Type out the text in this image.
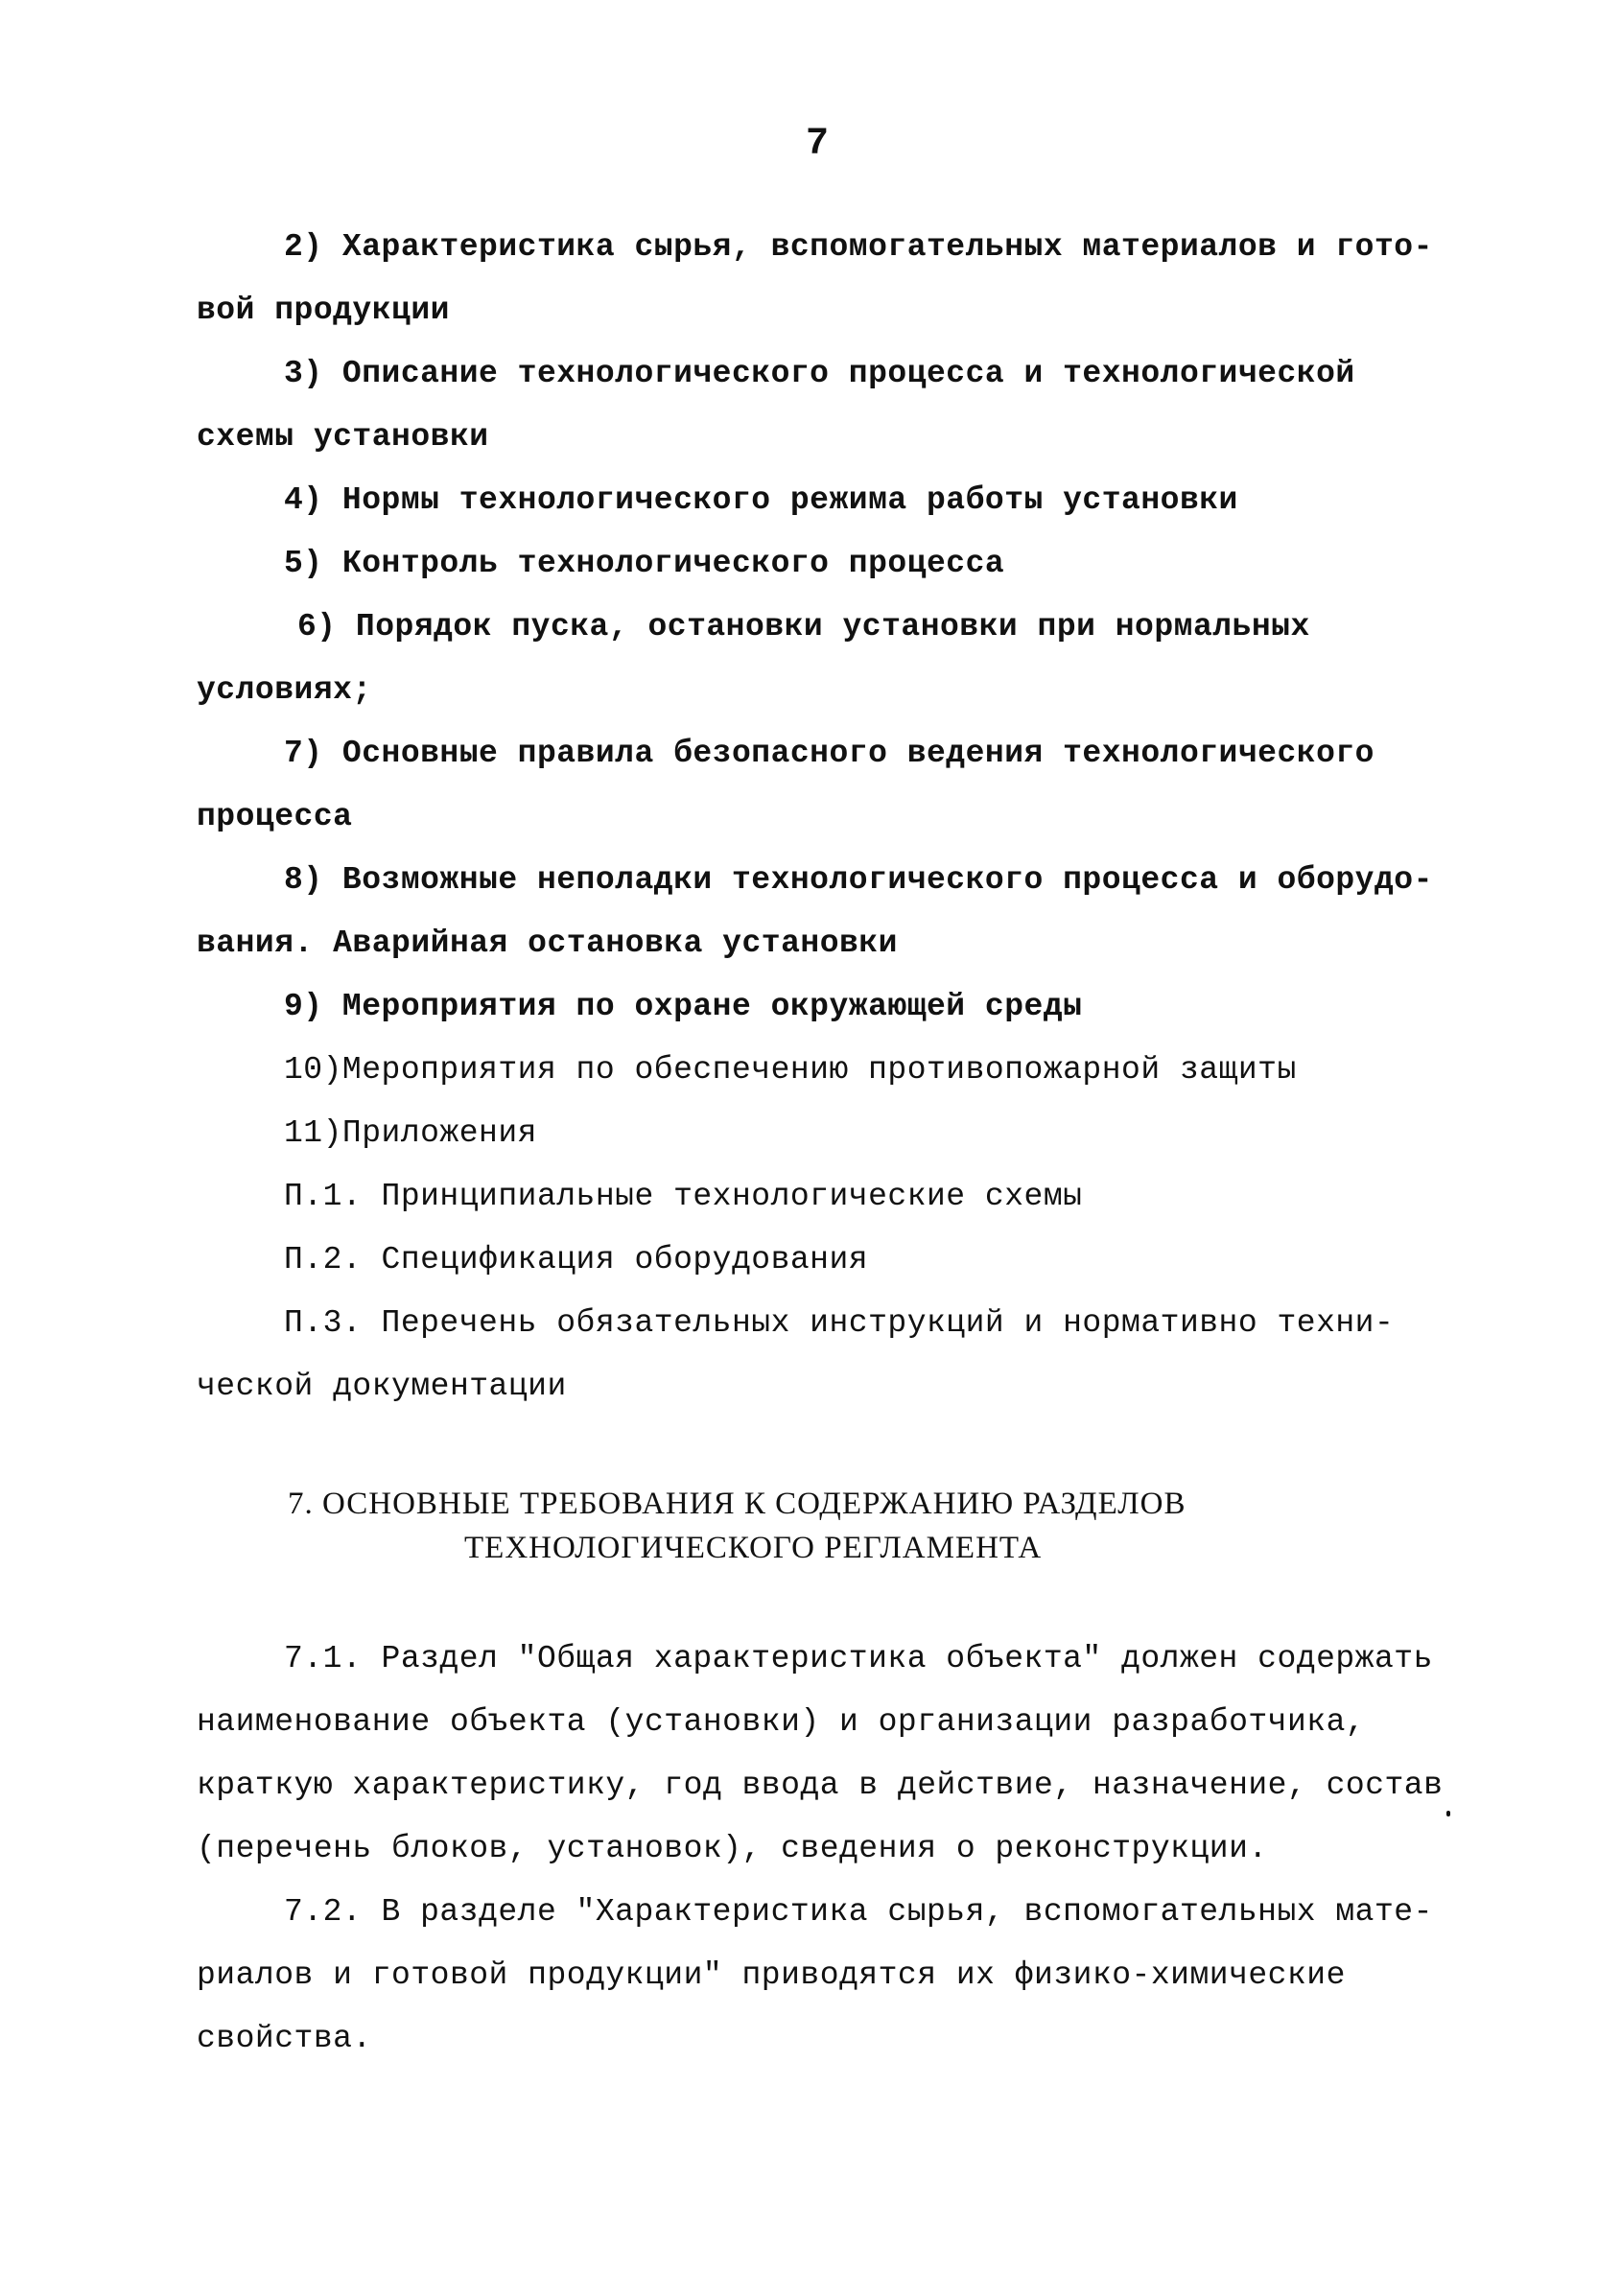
7
2) Характеристика сырья, вспомогательных материалов и гото-
вой продукции
3) Описание технологического процесса и технологической
схемы установки
4) Нормы технологического режима работы установки
5) Контроль технологического процесса
6) Порядок пуска, остановки установки при нормальных
условиях;
7) Основные правила безопасного ведения технологического
процесса
8) Возможные неполадки технологического процесса и оборудо-
вания. Аварийная остановка установки
9) Мероприятия по охране окружающей среды
10)Мероприятия по обеспечению противопожарной защиты
11)Приложения
П.1. Принципиальные технологические схемы
П.2. Спецификация оборудования
П.3. Перечень обязательных инструкций и нормативно техни-
ческой документации
7. ОСНОВНЫЕ ТРЕБОВАНИЯ К СОДЕРЖАНИЮ РАЗДЕЛОВ
ТЕХНОЛОГИЧЕСКОГО РЕГЛАМЕНТА
7.1. Раздел "Общая характеристика объекта" должен содержать
наименование объекта (установки) и организации разработчика,
краткую характеристику, год ввода в действие, назначение, состав
(перечень блоков, установок), сведения о реконструкции.
7.2. В разделе "Характеристика сырья, вспомогательных мате-
риалов и готовой продукции" приводятся их физико-химические
свойства.
